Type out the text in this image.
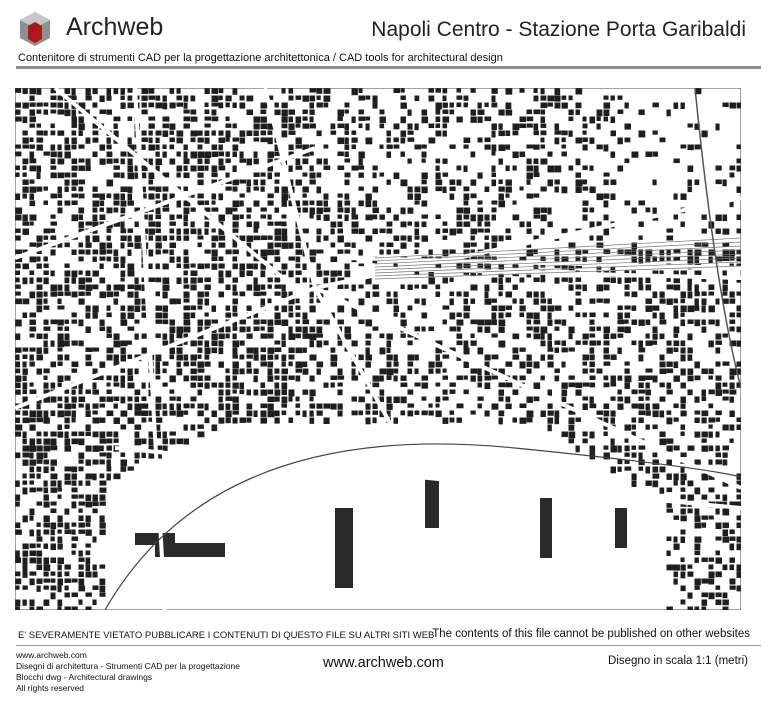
Archweb	Napoli Centro - Stazione Porta Garibaldi
Contenitore di strumenti CAD per la progettazione architettonica / CAD tools for architectural design
E' SEVERAMENTE VIETATO PUBBLICARE I CONTENUTI DI QUESTO FILE SU ALTRI SITI WEB
The contents of this file cannot be published on other websites
www.archweb.com
Disegni di architettura - Strumenti CAD per la progettazione
Blocchi dwg - Architectural drawings
All rights reserved
www.archweb.com	Disegno in scala 1:1 (metri)
